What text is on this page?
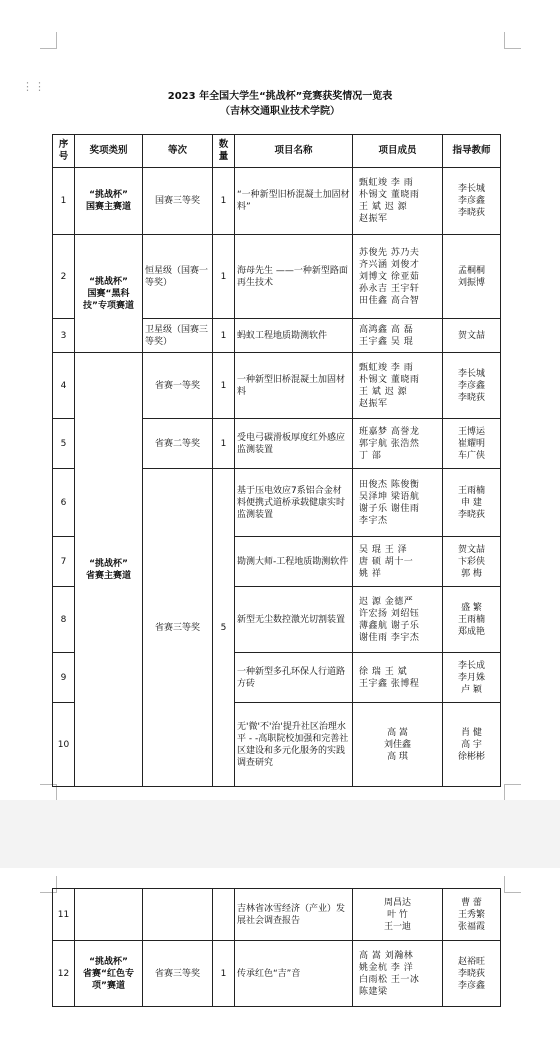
⋮⋮
2023 年全国大学生“挑战杯”竞赛获奖情况一览表
（吉林交通职业技术学院）
序号	奖项类别	等次	数量	项目名称	项目成员	指导教师
1	“挑战杯”
国赛主赛道	国赛三等奖	1	“一种新型旧桥混凝土加固材料”	甄虹竣 李 雨
朴锡文 董晓雨
王 斌 迟 源
赵振军	李长城
李彦鑫
李晓荻
2	“挑战杯”
国赛“黑科技”专项赛道	恒星级（国赛一等奖）	1	海母先生 ——一种新型路面再生技术	苏俊先 苏乃夫
齐兴涵 刘俊才
刘博文 徐亚茹
孙永吉 王宇轩
田佳鑫 高合智	孟桐桐
刘振博
3		卫星级（国赛三等奖）	1	蚂蚁工程地质勘测软件	高鸿鑫 高 磊
王宇鑫 吴 琨	贺文喆
4	“挑战杯”
省赛主赛道	省赛一等奖	1	一种新型旧桥混凝土加固材料	甄虹竣 李 雨
朴锡文 董晓雨
王 斌 迟 源
赵振军	李长城
李彦鑫
李晓荻
5		省赛二等奖	1	受电弓碳滑板厚度红外感应监测装置	班嘉梦 高誉龙
郭宇航 张浩然
丁 部	王博运
崔耀明
车广侠
6		省赛三等奖	5	基于压电效应7系铝合金材料便携式道桥承载健康实时监测装置	田俊杰 陈俊衡
吴泽坤 梁语航
谢子乐 谢佳雨
李宇杰	王雨楠
申 建
李晓荻
7				勘测大师-工程地质勘测软件	吴 琨 王 泽
唐 硕 胡十一
姚 祥	贺文喆
卞彩侠
郭 梅
8				新型无尘数控激光切割装置	迟 源 金德严
许宏扬 刘绍钰
薄鑫航 谢子乐
谢佳雨 李宇杰	盛 繁
王雨楠
郑成艳
9				一种新型多孔环保人行道路方砖	徐 瑞 王 斌
王宇鑫 张博程	李长成
李月姝
卢 颖
10				无'微'不'治'提升社区治理水平 - -高职院校加强和完善社区建设和多元化服务的实践调查研究	高 嵩
刘佳鑫
高 琪	肖 健
高 宇
徐彬彬
11				吉林省冰雪经济（产业）发展社会调查报告	周昌达
叶 竹
王一迪	曹 蕾
王秀繁
张福霞
12	“挑战杯”
省赛“红色专项”赛道	省赛三等奖	1	传承红色“吉”音	高 嵩 刘瀚林
姚金杭 李 洋
白雨松 王一冰
陈建梁	赵裕旺
李晓荻
李彦鑫
